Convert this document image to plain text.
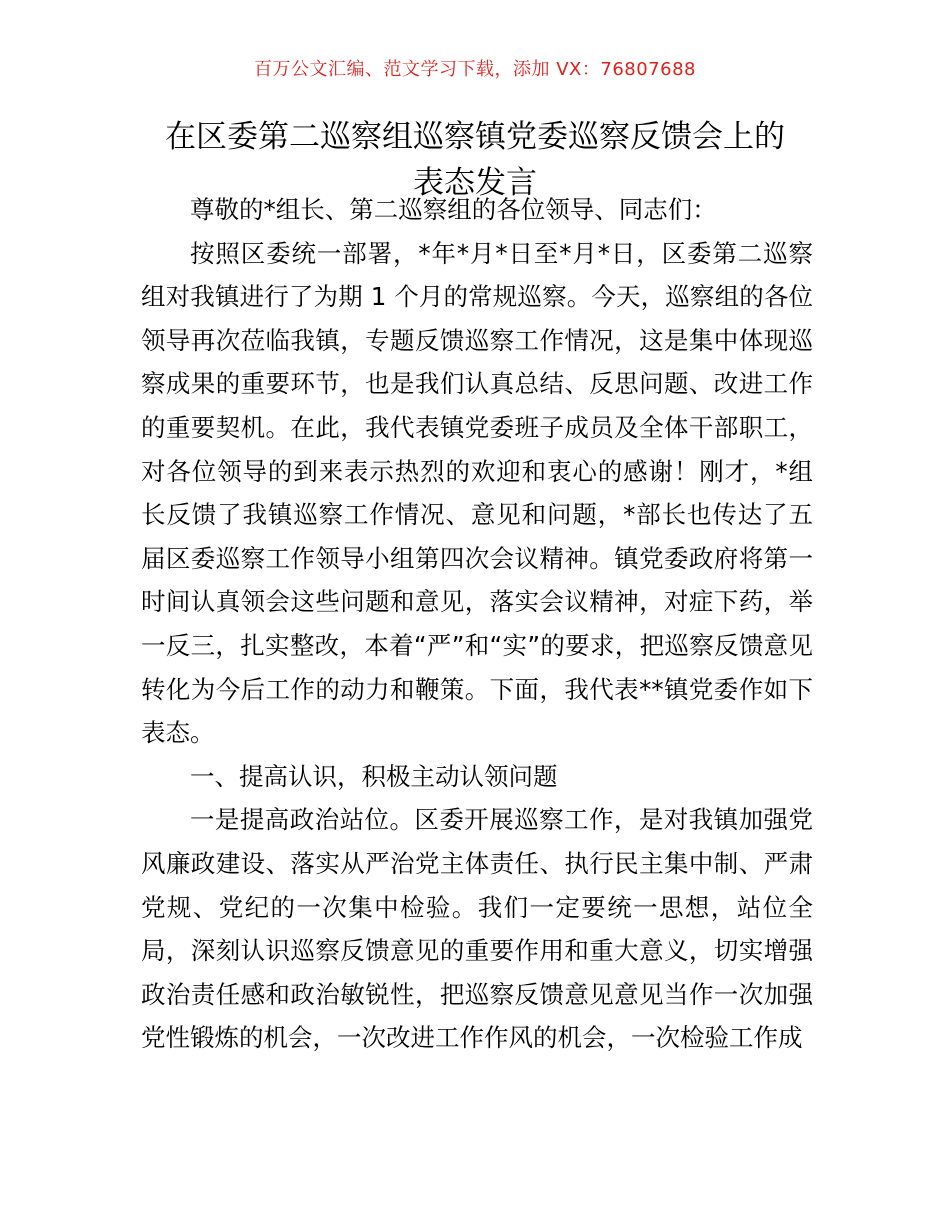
百万公文汇编、范文学习下载，添加 VX：76807688
在区委第二巡察组巡察镇党委巡察反馈会上的
表态发言

尊敬的*组长、第二巡察组的各位领导、同志们：

按照区委统一部署，*年*月*日至*月*日，区委第二巡察组对我镇进行了为期 1 个月的常规巡察。今天，巡察组的各位领导再次莅临我镇，专题反馈巡察工作情况，这是集中体现巡察成果的重要环节，也是我们认真总结、反思问题、改进工作的重要契机。在此，我代表镇党委班子成员及全体干部职工，对各位领导的到来表示热烈的欢迎和衷心的感谢！刚才，*组长反馈了我镇巡察工作情况、意见和问题，*部长也传达了五届区委巡察工作领导小组第四次会议精神。镇党委政府将第一时间认真领会这些问题和意见，落实会议精神，对症下药，举一反三，扎实整改，本着“严”和“实”的要求，把巡察反馈意见转化为今后工作的动力和鞭策。下面，我代表**镇党委作如下表态。

一、提高认识，积极主动认领问题

一是提高政治站位。区委开展巡察工作，是对我镇加强党风廉政建设、落实从严治党主体责任、执行民主集中制、严肃党规、党纪的一次集中检验。我们一定要统一思想，站位全局，深刻认识巡察反馈意见的重要作用和重大意义，切实增强政治责任感和政治敏锐性，把巡察反馈意见意见当作一次加强党性锻炼的机会，一次改进工作作风的机会，一次检验工作成
